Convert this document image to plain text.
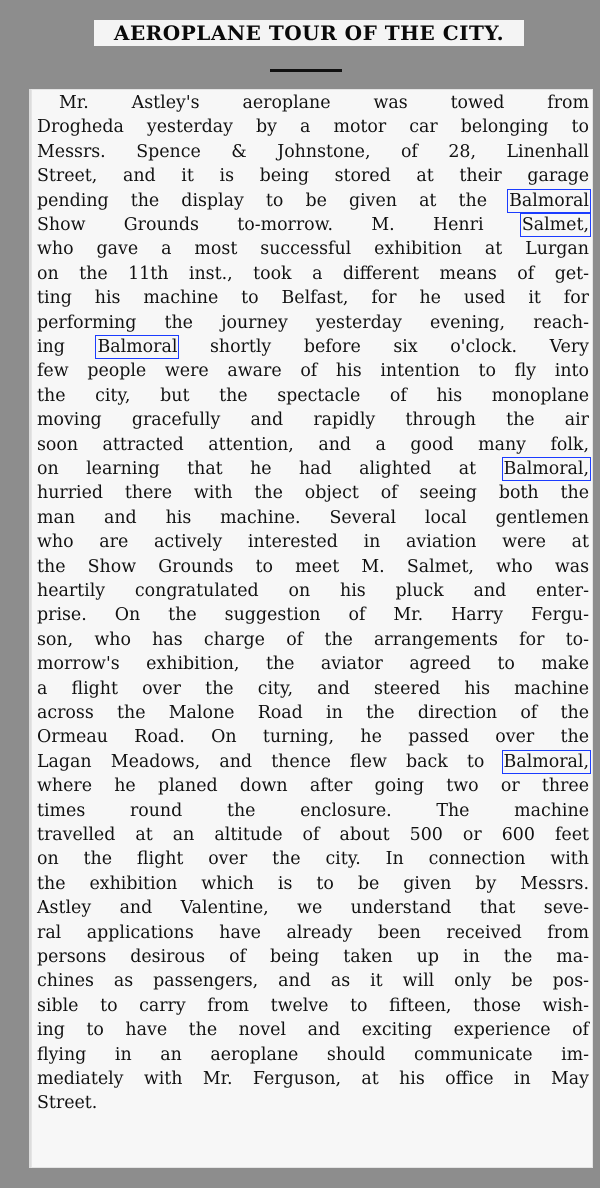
AEROPLANE TOUR OF THE CITY.
Mr. Astley's aeroplane was towed from
Drogheda yesterday by a motor car belonging to
Messrs. Spence & Johnstone, of 28, Linenhall
Street, and it is being stored at their garage
pending the display to be given at the Balmoral
Show Grounds to-morrow. M. Henri Salmet,
who gave a most successful exhibition at Lurgan
on the 11th inst., took a different means of get-
ting his machine to Belfast, for he used it for
performing the journey yesterday evening, reach-
ing Balmoral shortly before six o'clock. Very
few people were aware of his intention to fly into
the city, but the spectacle of his monoplane
moving gracefully and rapidly through the air
soon attracted attention, and a good many folk,
on learning that he had alighted at Balmoral,
hurried there with the object of seeing both the
man and his machine. Several local gentlemen
who are actively interested in aviation were at
the Show Grounds to meet M. Salmet, who was
heartily congratulated on his pluck and enter-
prise. On the suggestion of Mr. Harry Fergu-
son, who has charge of the arrangements for to-
morrow's exhibition, the aviator agreed to make
a flight over the city, and steered his machine
across the Malone Road in the direction of the
Ormeau Road. On turning, he passed over the
Lagan Meadows, and thence flew back to Balmoral,
where he planed down after going two or three
times round the enclosure. The machine
travelled at an altitude of about 500 or 600 feet
on the flight over the city. In connection with
the exhibition which is to be given by Messrs.
Astley and Valentine, we understand that seve-
ral applications have already been received from
persons desirous of being taken up in the ma-
chines as passengers, and as it will only be pos-
sible to carry from twelve to fifteen, those wish-
ing to have the novel and exciting experience of
flying in an aeroplane should communicate im-
mediately with Mr. Ferguson, at his office in May
Street.
